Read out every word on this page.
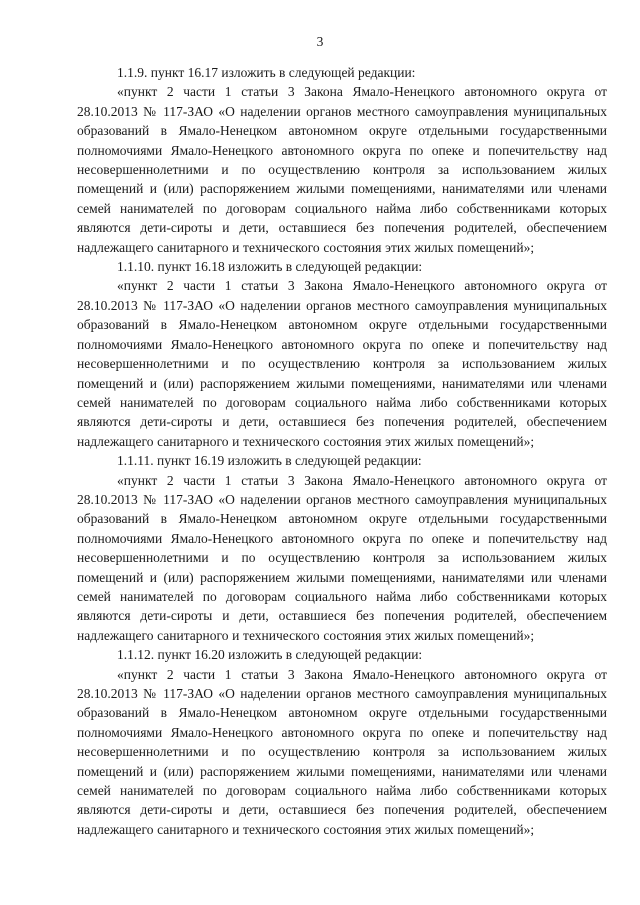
3
1.1.9. пункт 16.17 изложить в следующей редакции:
«пункт 2 части 1 статьи 3 Закона Ямало-Ненецкого автономного округа от 28.10.2013 № 117-ЗАО «О наделении органов местного самоуправления муниципальных образований в Ямало-Ненецком автономном округе отдельными государственными полномочиями Ямало-Ненецкого автономного округа по опеке и попечительству над несовершеннолетними и по осуществлению контроля за использованием жилых помещений и (или) распоряжением жилыми помещениями, нанимателями или членами семей нанимателей по договорам социального найма либо собственниками которых являются дети-сироты и дети, оставшиеся без попечения родителей, обеспечением надлежащего санитарного и технического состояния этих жилых помещений»;
1.1.10. пункт 16.18 изложить в следующей редакции:
«пункт 2 части 1 статьи 3 Закона Ямало-Ненецкого автономного округа от 28.10.2013 № 117-ЗАО «О наделении органов местного самоуправления муниципальных образований в Ямало-Ненецком автономном округе отдельными государственными полномочиями Ямало-Ненецкого автономного округа по опеке и попечительству над несовершеннолетними и по осуществлению контроля за использованием жилых помещений и (или) распоряжением жилыми помещениями, нанимателями или членами семей нанимателей по договорам социального найма либо собственниками которых являются дети-сироты и дети, оставшиеся без попечения родителей, обеспечением надлежащего санитарного и технического состояния этих жилых помещений»;
1.1.11. пункт 16.19 изложить в следующей редакции:
«пункт 2 части 1 статьи 3 Закона Ямало-Ненецкого автономного округа от 28.10.2013 № 117-ЗАО «О наделении органов местного самоуправления муниципальных образований в Ямало-Ненецком автономном округе отдельными государственными полномочиями Ямало-Ненецкого автономного округа по опеке и попечительству над несовершеннолетними и по осуществлению контроля за использованием жилых помещений и (или) распоряжением жилыми помещениями, нанимателями или членами семей нанимателей по договорам социального найма либо собственниками которых являются дети-сироты и дети, оставшиеся без попечения родителей, обеспечением надлежащего санитарного и технического состояния этих жилых помещений»;
1.1.12. пункт 16.20 изложить в следующей редакции:
«пункт 2 части 1 статьи 3 Закона Ямало-Ненецкого автономного округа от 28.10.2013 № 117-ЗАО «О наделении органов местного самоуправления муниципальных образований в Ямало-Ненецком автономном округе отдельными государственными полномочиями Ямало-Ненецкого автономного округа по опеке и попечительству над несовершеннолетними и по осуществлению контроля за использованием жилых помещений и (или) распоряжением жилыми помещениями, нанимателями или членами семей нанимателей по договорам социального найма либо собственниками которых являются дети-сироты и дети, оставшиеся без попечения родителей, обеспечением надлежащего санитарного и технического состояния этих жилых помещений»;
